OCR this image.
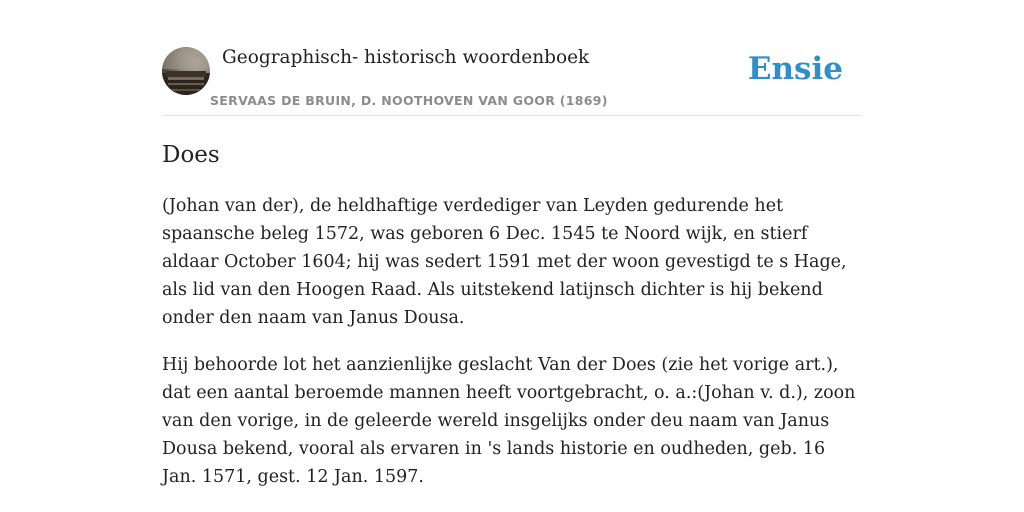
Geographisch- historisch woordenboek
SERVAAS DE BRUIN, D. NOOTHOVEN VAN GOOR (1869)
Ensie
Does

(Johan van der), de heldhaftige verdediger van Leyden gedurende het spaansche beleg 1572, was geboren 6 Dec. 1545 te Noord wijk, en stierf aldaar October 1604; hij was sedert 1591 met der woon gevestigd te s Hage, als lid van den Hoogen Raad. Als uitstekend latijnsch dichter is hij bekend onder den naam van Janus Dousa.

Hij behoorde lot het aanzienlijke geslacht Van der Does (zie het vorige art.), dat een aantal beroemde mannen heeft voortgebracht, o. a.:(Johan v. d.), zoon van den vorige, in de geleerde wereld insgelijks onder deu naam van Janus Dousa bekend, vooral als ervaren in 's lands historie en oudheden, geb. 16 Jan. 1571, gest. 12 Jan. 1597.
